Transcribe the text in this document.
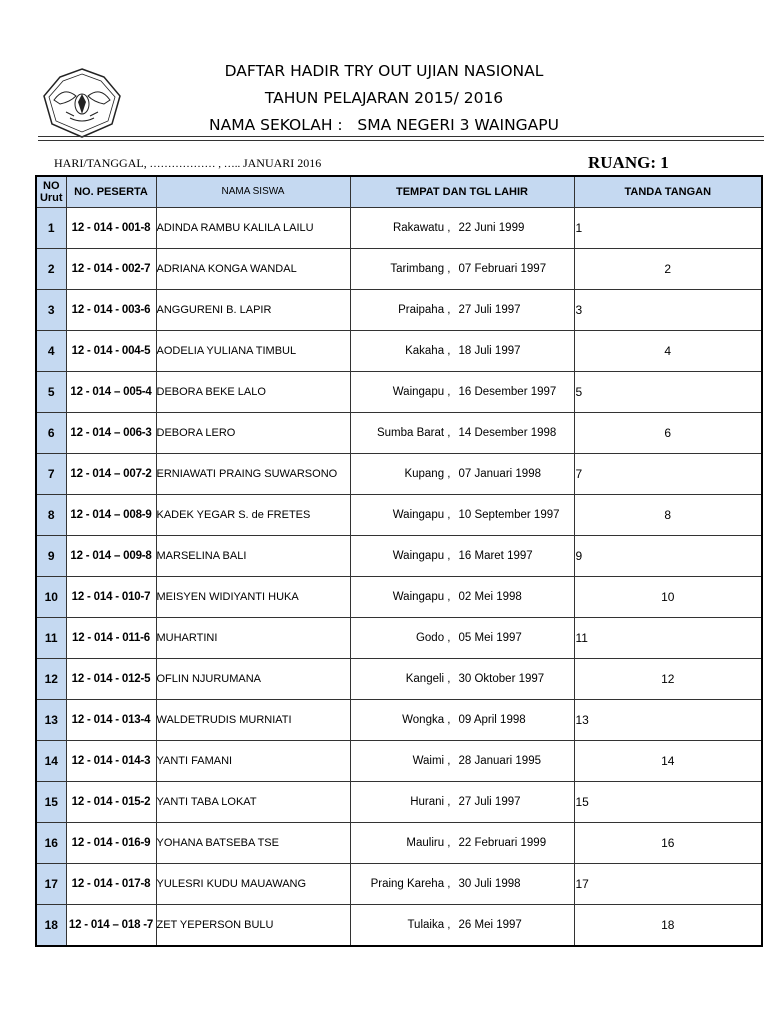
DAFTAR HADIR TRY OUT UJIAN NASIONAL
TAHUN PELAJARAN 2015/ 2016
NAMA SEKOLAH :   SMA NEGERI 3 WAINGAPU
HARI/TANGGAL, ……………… , ….. JANUARI 2016	RUANG: 1
NO Urut	NO. PESERTA	NAMA SISWA	TEMPAT DAN TGL LAHIR	TANDA TANGAN
1	12 - 014 - 001-8	ADINDA RAMBU KALILA LAILU	Rakawatu , 22 Juni 1999	1
2	12 - 014 - 002-7	ADRIANA KONGA WANDAL	Tarimbang , 07 Februari 1997	2

3	12 - 014 - 003-6	ANGGURENI B. LAPIR	Praipaha , 27 Juli 1997	3
4	12 - 014 - 004-5	AODELIA YULIANA TIMBUL	Kakaha , 18 Juli 1997	4

5	12 - 014 – 005-4	DEBORA BEKE LALO	Waingapu , 16 Desember 1997	5
6	12 - 014 – 006-3	DEBORA LERO	Sumba Barat , 14 Desember 1998	6

7	12 - 014 – 007-2	ERNIAWATI PRAING SUWARSONO	Kupang , 07 Januari 1998	7
8	12 - 014 – 008-9	KADEK YEGAR S. de FRETES	Waingapu , 10 September 1997	8

9	12 - 014 – 009-8	MARSELINA BALI	Waingapu , 16 Maret 1997	9
10	12 - 014 - 010-7	MEISYEN WIDIYANTI HUKA	Waingapu , 02 Mei 1998	10

11	12 - 014 - 011-6	MUHARTINI	Godo , 05 Mei 1997	11
12	12 - 014 - 012-5	OFLIN NJURUMANA	Kangeli , 30 Oktober 1997	12

13	12 - 014 - 013-4	WALDETRUDIS MURNIATI	Wongka , 09 April 1998	13
14	12 - 014 - 014-3	YANTI FAMANI	Waimi , 28 Januari 1995	14

15	12 - 014 - 015-2	YANTI TABA LOKAT	Hurani , 27 Juli 1997	15
16	12 - 014 - 016-9	YOHANA BATSEBA TSE	Mauliru , 22 Februari 1999	16

17	12 - 014 - 017-8	YULESRI KUDU MAUAWANG	Praing Kareha , 30 Juli 1998	17
18	12 - 014 – 018 -7	ZET YEPERSON BULU	Tulaika , 26 Mei 1997	18
